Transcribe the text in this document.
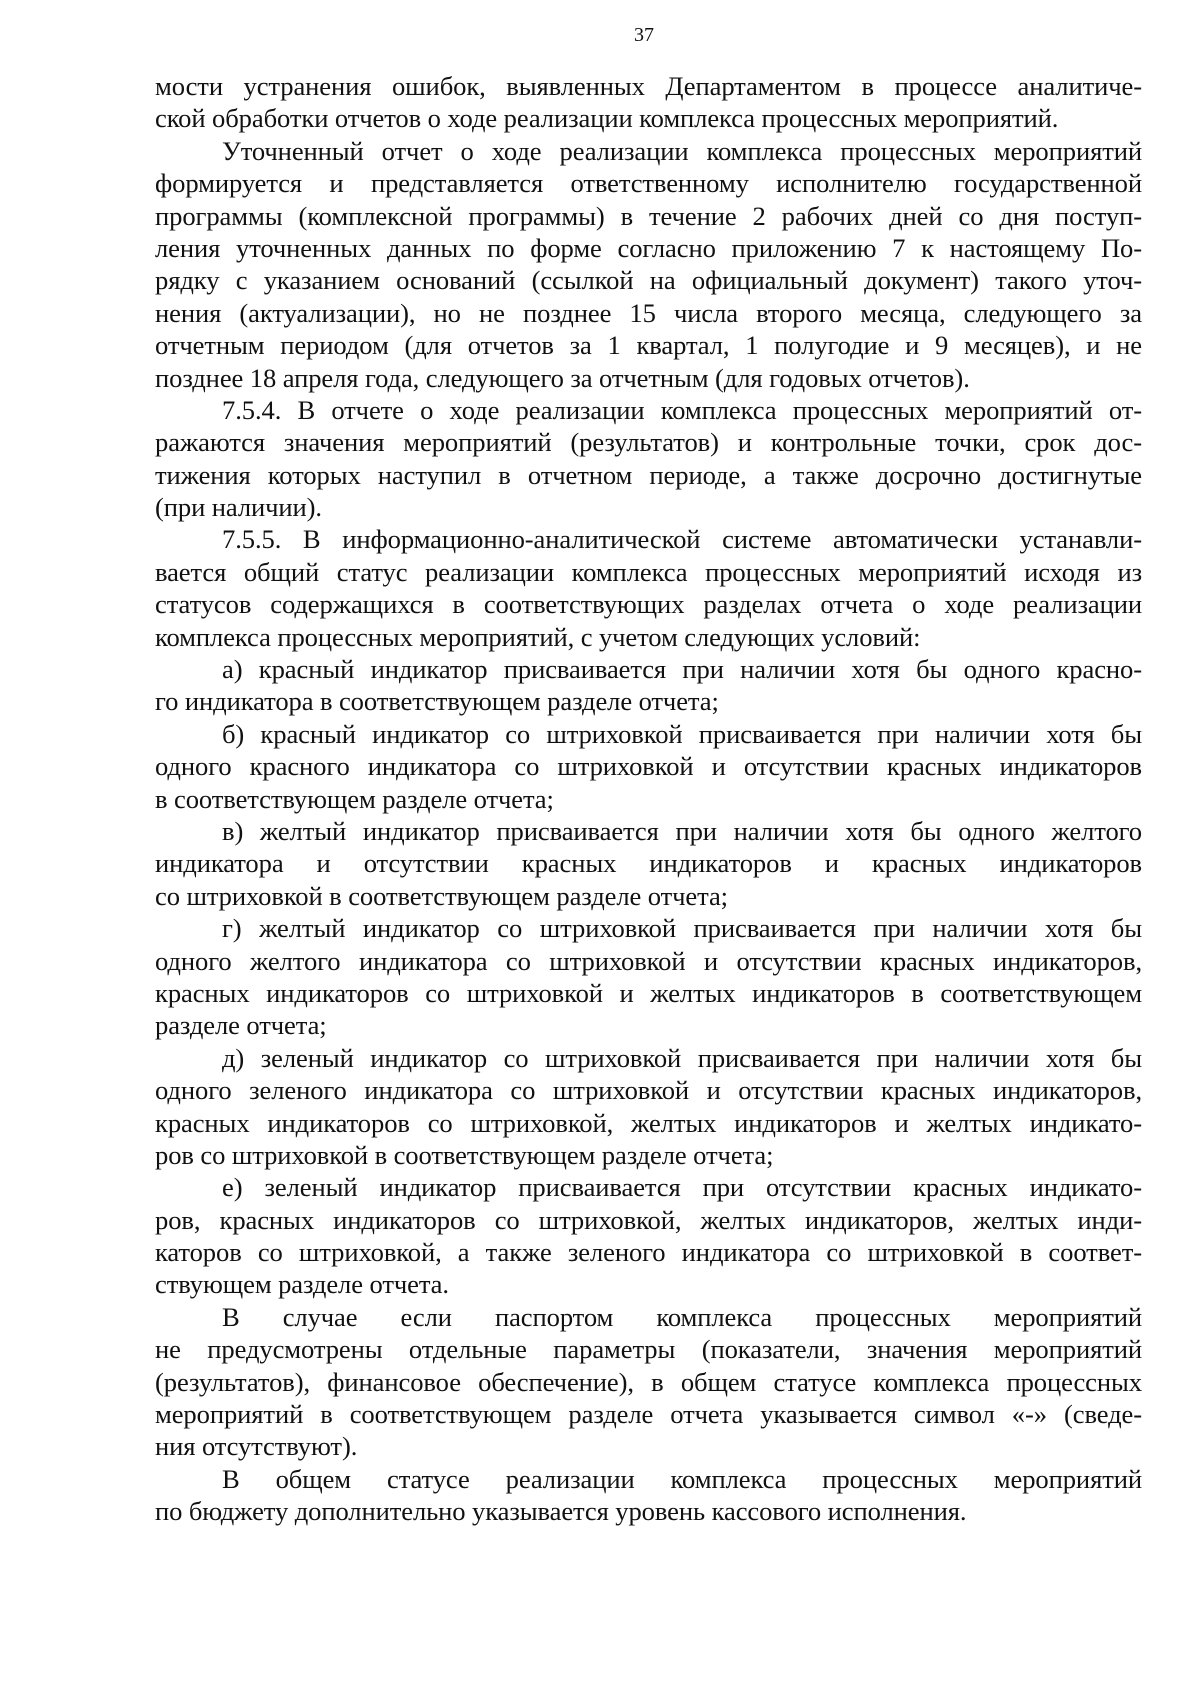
37
мости устранения ошибок, выявленных Департаментом в процессе аналитиче-
ской обработки отчетов о ходе реализации комплекса процессных мероприятий.
Уточненный отчет о ходе реализации комплекса процессных мероприятий
формируется и представляется ответственному исполнителю государственной
программы (комплексной программы) в течение 2 рабочих дней со дня поступ-
ления уточненных данных по форме согласно приложению 7 к настоящему По-
рядку с указанием оснований (ссылкой на официальный документ) такого уточ-
нения (актуализации), но не позднее 15 числа второго месяца, следующего за
отчетным периодом (для отчетов за 1 квартал, 1 полугодие и 9 месяцев), и не
позднее 18 апреля года, следующего за отчетным (для годовых отчетов).
7.5.4. В отчете о ходе реализации комплекса процессных мероприятий от-
ражаются значения мероприятий (результатов) и контрольные точки, срок дос-
тижения которых наступил в отчетном периоде, а также досрочно достигнутые
(при наличии).
7.5.5. В информационно-аналитической системе автоматически устанавли-
вается общий статус реализации комплекса процессных мероприятий исходя из
статусов содержащихся в соответствующих разделах отчета о ходе реализации
комплекса процессных мероприятий, с учетом следующих условий:
а) красный индикатор присваивается при наличии хотя бы одного красно-
го индикатора в соответствующем разделе отчета;
б) красный индикатор со штриховкой присваивается при наличии хотя бы
одного красного индикатора со штриховкой и отсутствии красных индикаторов
в соответствующем разделе отчета;
в) желтый индикатор присваивается при наличии хотя бы одного желтого
индикатора и отсутствии красных индикаторов и красных индикаторов
со штриховкой в соответствующем разделе отчета;
г) желтый индикатор со штриховкой присваивается при наличии хотя бы
одного желтого индикатора со штриховкой и отсутствии красных индикаторов,
красных индикаторов со штриховкой и желтых индикаторов в соответствующем
разделе отчета;
д) зеленый индикатор со штриховкой присваивается при наличии хотя бы
одного зеленого индикатора со штриховкой и отсутствии красных индикаторов,
красных индикаторов со штриховкой, желтых индикаторов и желтых индикато-
ров со штриховкой в соответствующем разделе отчета;
е) зеленый индикатор присваивается при отсутствии красных индикато-
ров, красных индикаторов со штриховкой, желтых индикаторов, желтых инди-
каторов со штриховкой, а также зеленого индикатора со штриховкой в соответ-
ствующем разделе отчета.
В случае если паспортом комплекса процессных мероприятий
не предусмотрены отдельные параметры (показатели, значения мероприятий
(результатов), финансовое обеспечение), в общем статусе комплекса процессных
мероприятий в соответствующем разделе отчета указывается символ «-» (сведе-
ния отсутствуют).
В общем статусе реализации комплекса процессных мероприятий
по бюджету дополнительно указывается уровень кассового исполнения.
